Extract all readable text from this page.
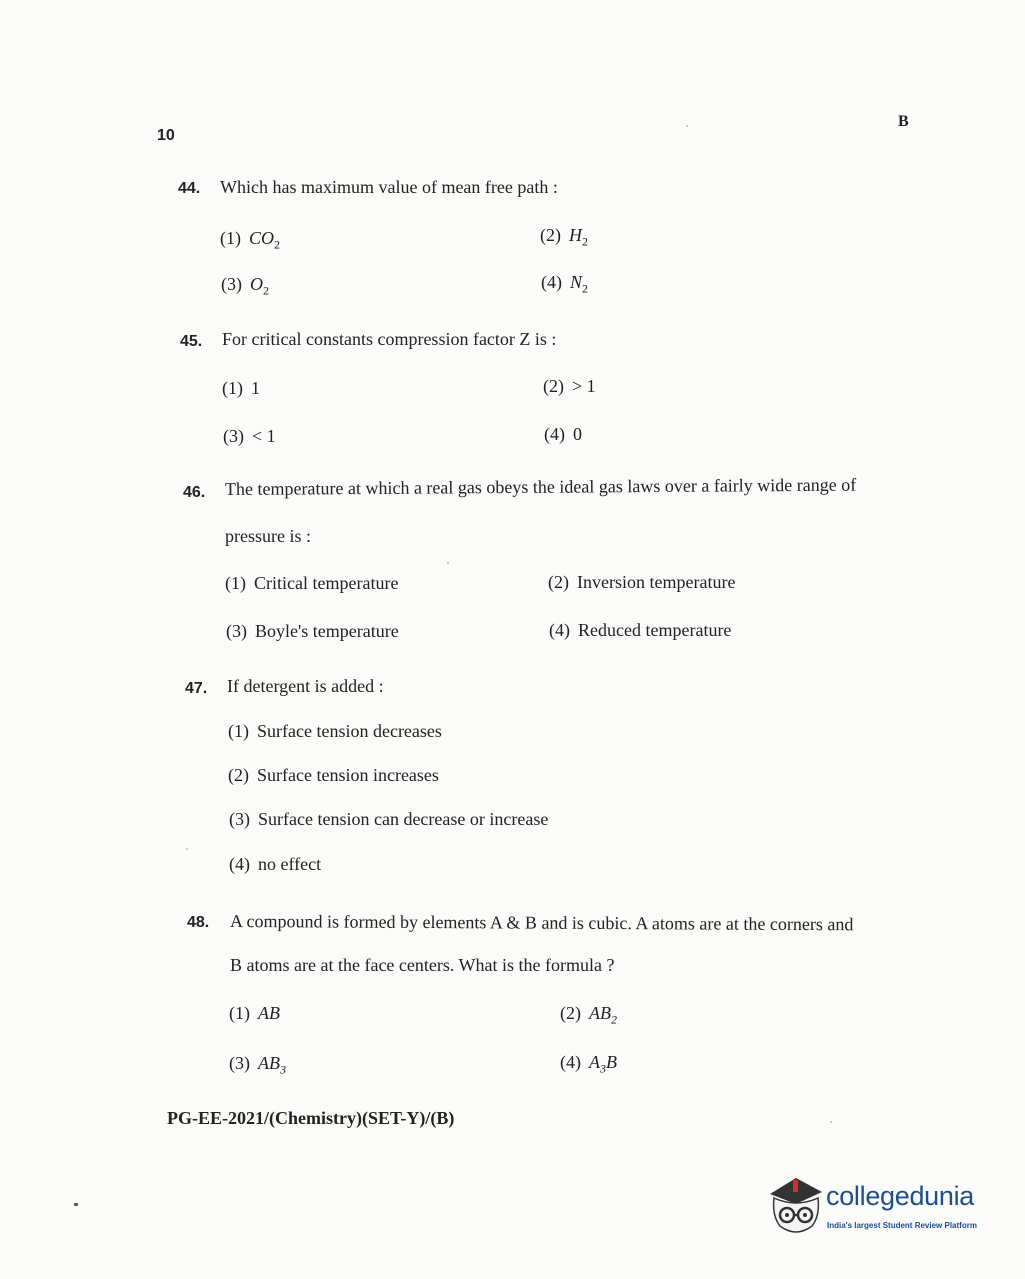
10
B
44. Which has maximum value of mean free path :
(1) $CO_2$	(2) $H_2$
(3) $O_2$	(4) $N_2$
45. For critical constants compression factor Z is :
(1) 1	(2) > 1
(3) < 1	(4) 0
46. The temperature at which a real gas obeys the ideal gas laws over a fairly wide range of
pressure is :
(1) Critical temperature	(2) Inversion temperature
(3) Boyle's temperature	(4) Reduced temperature
47. If detergent is added :
(1) Surface tension decreases
(2) Surface tension increases
(3) Surface tension can decrease or increase
(4) no effect
48. A compound is formed by elements A & B and is cubic. A atoms are at the corners and
B atoms are at the face centers. What is the formula ?
(1) AB	(2) $AB_2$
(3) $AB_3$	(4) $A_3B$
PG-EE-2021/(Chemistry)(SET-Y)/(B)
collegedunia
India's largest Student Review Platform
